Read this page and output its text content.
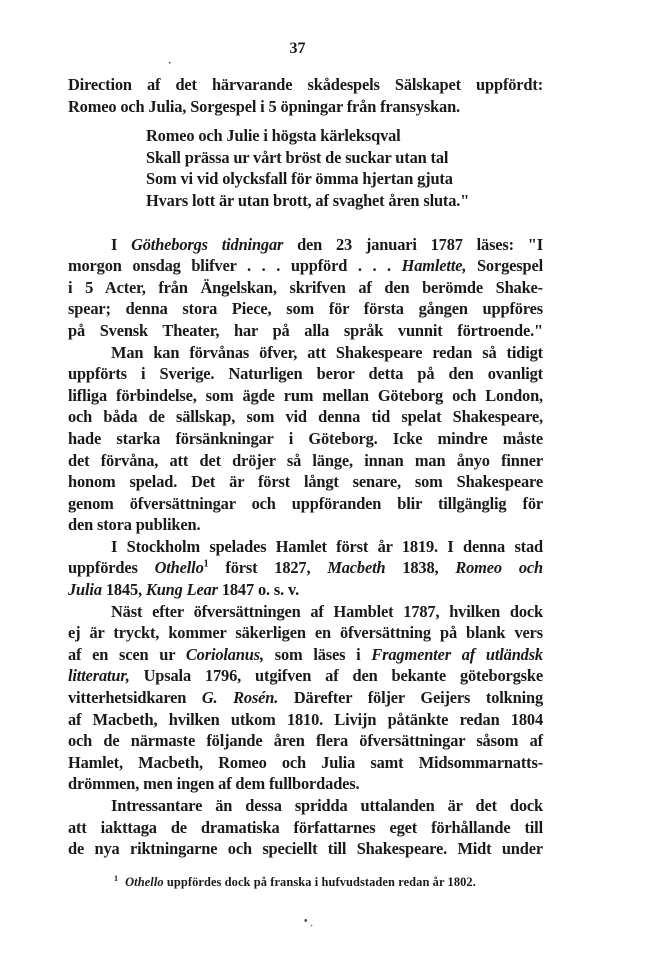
37
Direction af det härvarande skådespels Sälskapet uppfördt:
Romeo och Julia, Sorgespel i 5 öpningar från fransyskan.
Romeo och Julie i högsta kärleksqval
Skall prässa ur vårt bröst de suckar utan tal
Som vi vid olycksfall för ömma hjertan gjuta
Hvars lott är utan brott, af svaghet åren sluta."
I Götheborgs tidningar den 23 januari 1787 läses: "I
morgon onsdag blifver . . . uppförd . . . Hamlette, Sorgespel
i 5 Acter, från Ängelskan, skrifven af den berömde Shake-
spear; denna stora Piece, som för första gången uppföres
på Svensk Theater, har på alla språk vunnit förtroende."
Man kan förvånas öfver, att Shakespeare redan så tidigt
uppförts i Sverige. Naturligen beror detta på den ovanligt
lifliga förbindelse, som ägde rum mellan Göteborg och London,
och båda de sällskap, som vid denna tid spelat Shakespeare,
hade starka försänkningar i Göteborg. Icke mindre måste
det förvåna, att det dröjer så länge, innan man ånyo finner
honom spelad. Det är först långt senare, som Shakespeare
genom öfversättningar och uppföranden blir tillgänglig för
den stora publiken.
I Stockholm spelades Hamlet först år 1819. I denna stad
uppfördes Othello$^1$ först 1827, Macbeth 1838, Romeo och
Julia 1845, Kung Lear 1847 o. s. v.
Näst efter öfversättningen af Hamblet 1787, hvilken dock
ej är tryckt, kommer säkerligen en öfversättning på blank vers
af en scen ur Coriolanus, som läses i Fragmenter af utländsk
litteratur, Upsala 1796, utgifven af den bekante göteborgske
vitterhetsidkaren G. Rosén. Därefter följer Geijers tolkning
af Macbeth, hvilken utkom 1810. Livijn påtänkte redan 1804
och de närmaste följande åren flera öfversättningar såsom af
Hamlet, Macbeth, Romeo och Julia samt Midsommarnatts-
drömmen, men ingen af dem fullbordades.
Intressantare än dessa spridda uttalanden är det dock
att iakttaga de dramatiska författarnes eget förhållande till
de nya riktningarne och speciellt till Shakespeare. Midt under
$^1$ Othello uppfördes dock på franska i hufvudstaden redan år 1802.
·
• ˏ
